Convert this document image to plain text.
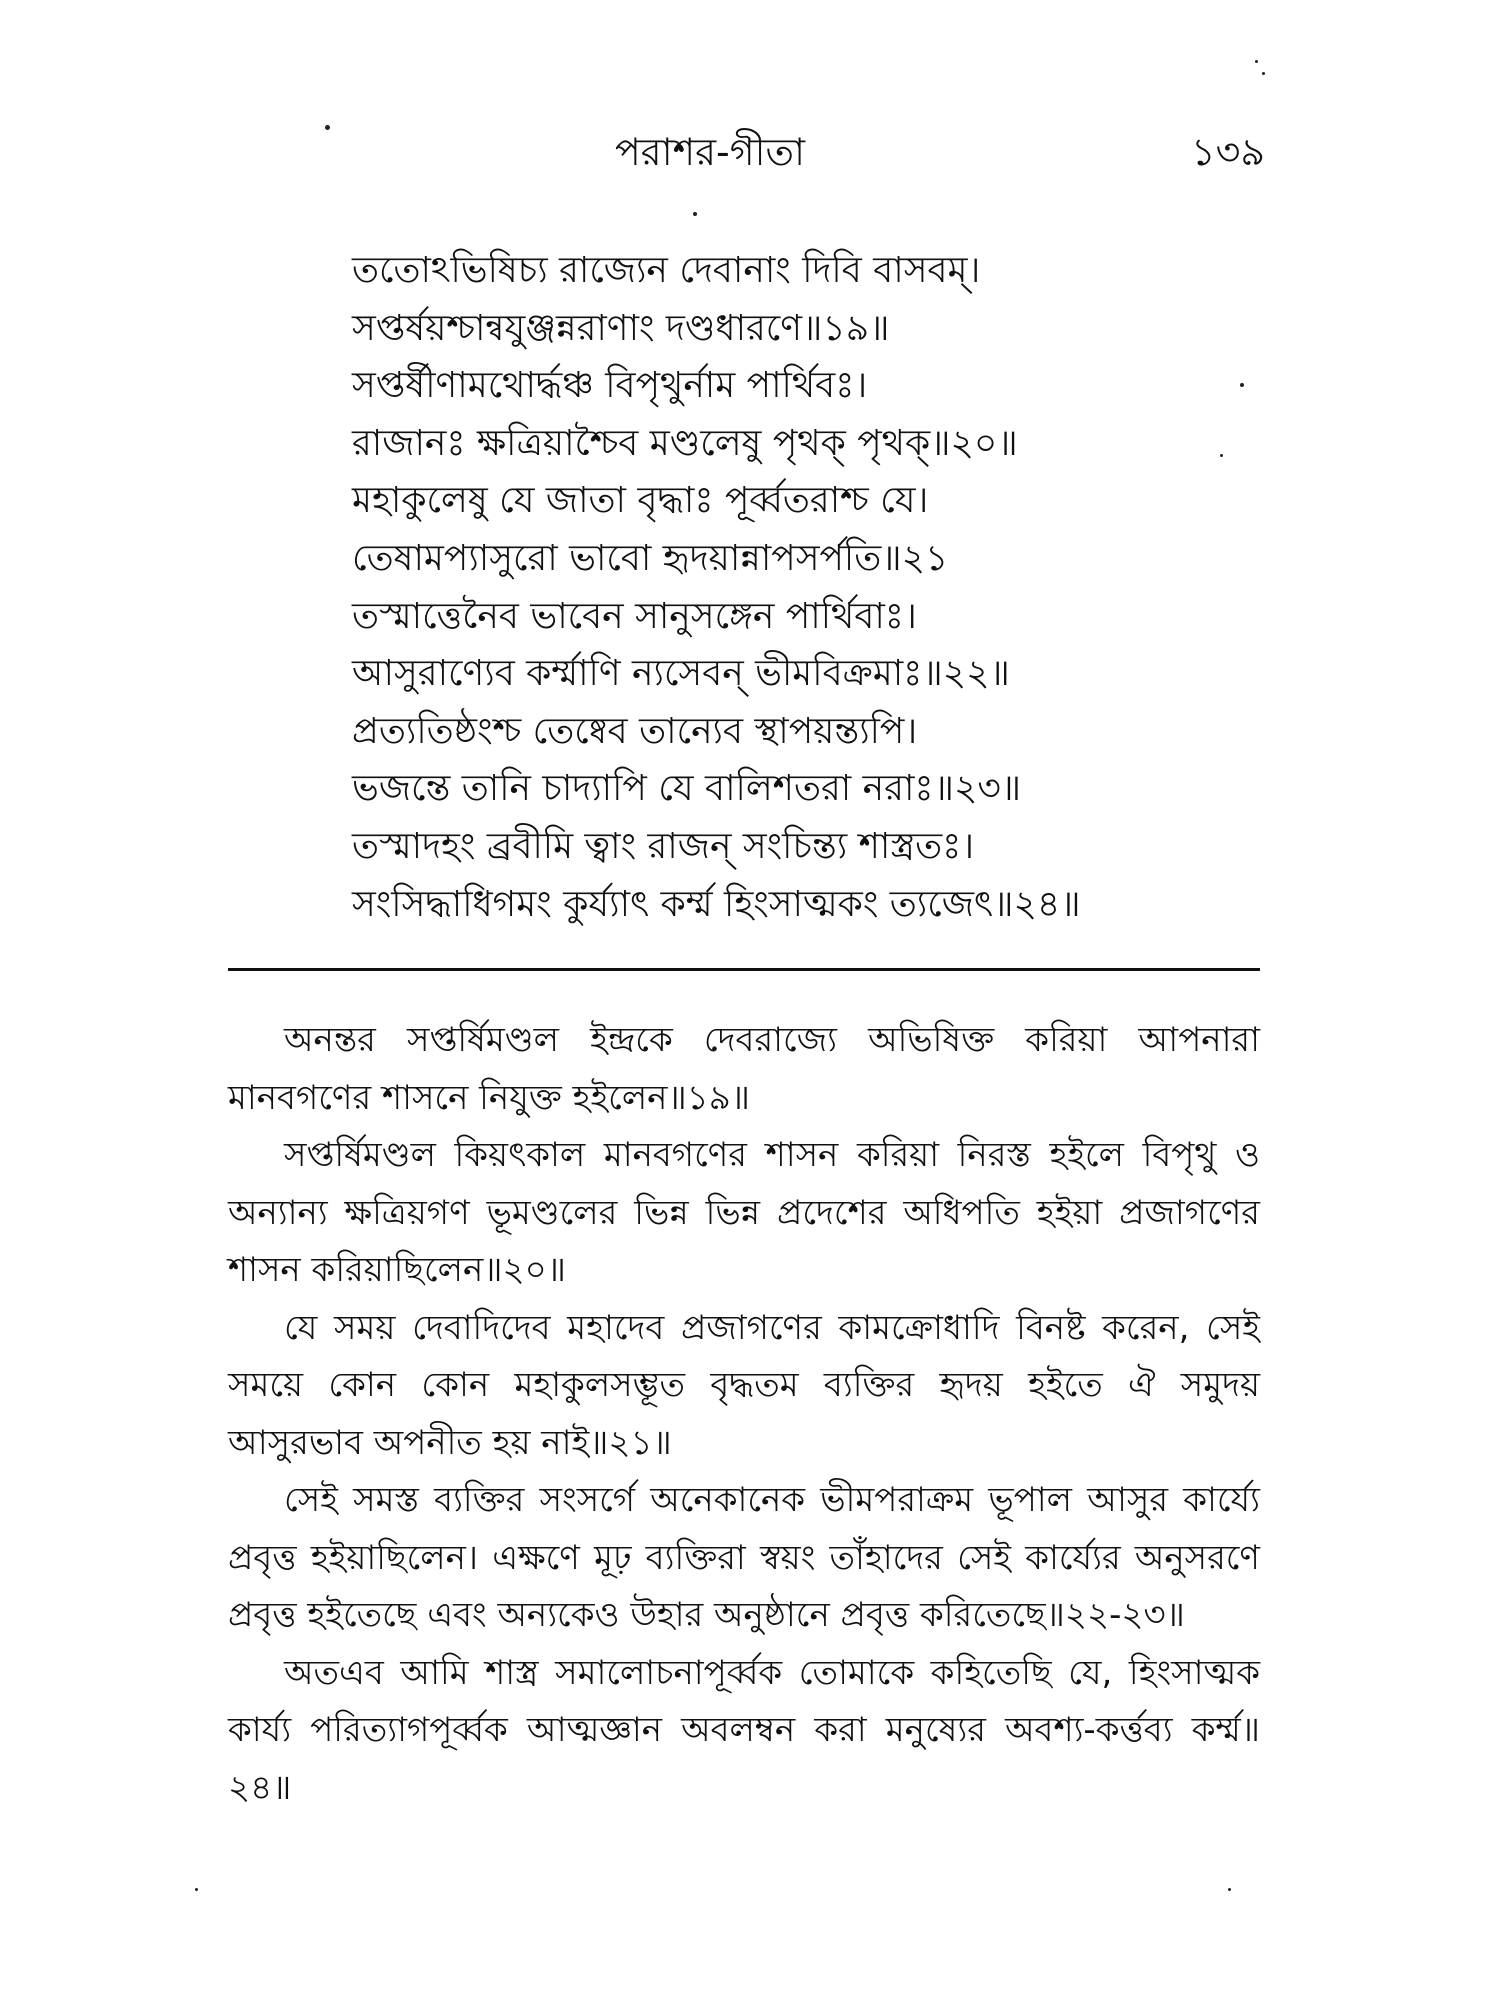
পরাশর-গীতা	১৩৯
ততোঽভিষিচ্য রাজ্যেন দেবানাং দিবি বাসবম্।
সপ্তর্ষয়শ্চান্বযুঞ্জন্নরাণাং দণ্ডধারণে॥১৯॥
সপ্তর্ষীণামথোর্দ্ধঞ্চ বিপৃথুর্নাম পার্থিবঃ।
রাজানঃ ক্ষত্রিয়াশ্চৈব মণ্ডলেষু পৃথক্ পৃথক্॥২০॥
মহাকুলেষু যে জাতা বৃদ্ধাঃ পূর্ব্বতরাশ্চ যে।
তেষামপ্যাসুরো ভাবো হৃদয়ান্নাপসর্পতি॥২১
তস্মাত্তেনৈব ভাবেন সানুসঙ্গেন পার্থিবাঃ।
আসুরাণ্যেব কর্ম্মাণি ন্যসেবন্ ভীমবিক্রমাঃ॥২২॥
প্রত্যতিষ্ঠংশ্চ তেষ্বেব তান্যেব স্থাপয়ন্ত্যপি।
ভজন্তে তানি চাদ্যাপি যে বালিশতরা নরাঃ॥২৩॥
তস্মাদহং ব্রবীমি ত্বাং রাজন্ সংচিন্ত্য শাস্ত্রতঃ।
সংসিদ্ধাধিগমং কুর্য্যাৎ কর্ম্ম হিংসাত্মকং ত্যজেৎ॥২৪॥

অনন্তর সপ্তর্ষিমণ্ডল ইন্দ্রকে দেবরাজ্যে অভিষিক্ত করিয়া আপনারা মানবগণের শাসনে নিযুক্ত হইলেন॥১৯॥

সপ্তর্ষিমণ্ডল কিয়ৎকাল মানবগণের শাসন করিয়া নিরস্ত হইলে বিপৃথু ও অন্যান্য ক্ষত্রিয়গণ ভূমণ্ডলের ভিন্ন ভিন্ন প্রদেশের অধিপতি হইয়া প্রজাগণের শাসন করিয়াছিলেন॥২০॥

যে সময় দেবাদিদেব মহাদেব প্রজাগণের কামক্রোধাদি বিনষ্ট করেন, সেই সময়ে কোন কোন মহাকুলসম্ভূত বৃদ্ধতম ব্যক্তির হৃদয় হইতে ঐ সমুদয় আসুরভাব অপনীত হয় নাই॥২১॥

সেই সমস্ত ব্যক্তির সংসর্গে অনেকানেক ভীমপরাক্রম ভূপাল আসুর কার্য্যে প্রবৃত্ত হইয়াছিলেন। এক্ষণে মূঢ় ব্যক্তিরা স্বয়ং তাঁহাদের সেই কার্য্যের অনুসরণে প্রবৃত্ত হইতেছে এবং অন্যকেও উহার অনুষ্ঠানে প্রবৃত্ত করিতেছে॥২২-২৩॥

অতএব আমি শাস্ত্র সমালোচনাপূর্ব্বক তোমাকে কহিতেছি যে, হিংসাত্মক কার্য্য পরিত্যাগপূর্ব্বক আত্মজ্ঞান অবলম্বন করা মনুষ্যের অবশ্য-কর্ত্তব্য কর্ম্ম॥২৪॥
